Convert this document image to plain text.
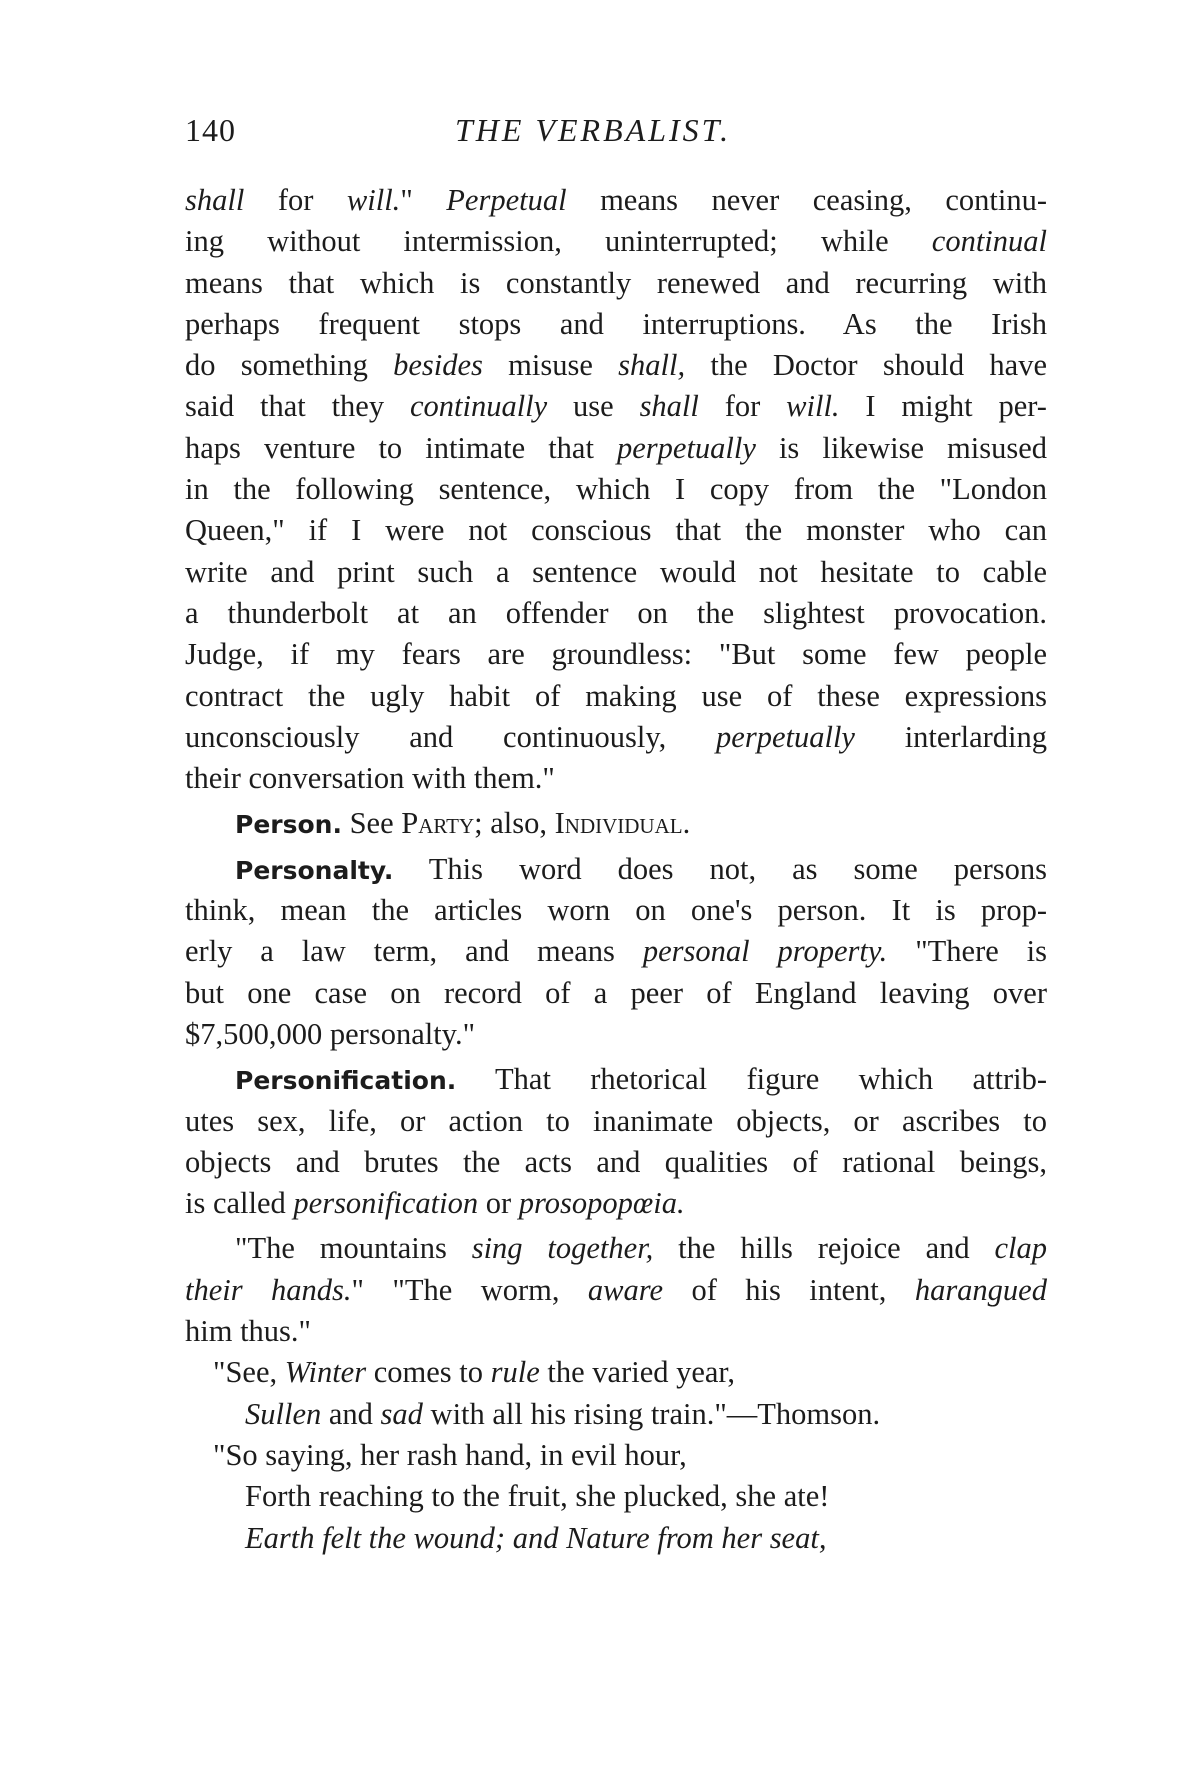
140	THE VERBALIST.
shall for will." Perpetual means never ceasing, continu-
ing without intermission, uninterrupted; while continual
means that which is constantly renewed and recurring with
perhaps frequent stops and interruptions. As the Irish
do something besides misuse shall, the Doctor should have
said that they continually use shall for will. I might per-
haps venture to intimate that perpetually is likewise misused
in the following sentence, which I copy from the "London
Queen," if I were not conscious that the monster who can
write and print such a sentence would not hesitate to cable
a thunderbolt at an offender on the slightest provocation.
Judge, if my fears are groundless: "But some few people
contract the ugly habit of making use of these expressions
unconsciously and continuously, perpetually interlarding
their conversation with them."
Person. See Party; also, Individual.
Personalty. This word does not, as some persons
think, mean the articles worn on one's person. It is prop-
erly a law term, and means personal property. "There is
but one case on record of a peer of England leaving over
$7,500,000 personalty."
Personification. That rhetorical figure which attrib-
utes sex, life, or action to inanimate objects, or ascribes to
objects and brutes the acts and qualities of rational beings,
is called personification or prosopopœia.
"The mountains sing together, the hills rejoice and clap
their hands." "The worm, aware of his intent, harangued
him thus."
"See, Winter comes to rule the varied year,
Sullen and sad with all his rising train."—Thomson.
"So saying, her rash hand, in evil hour,
Forth reaching to the fruit, she plucked, she ate!
Earth felt the wound; and Nature from her seat,
